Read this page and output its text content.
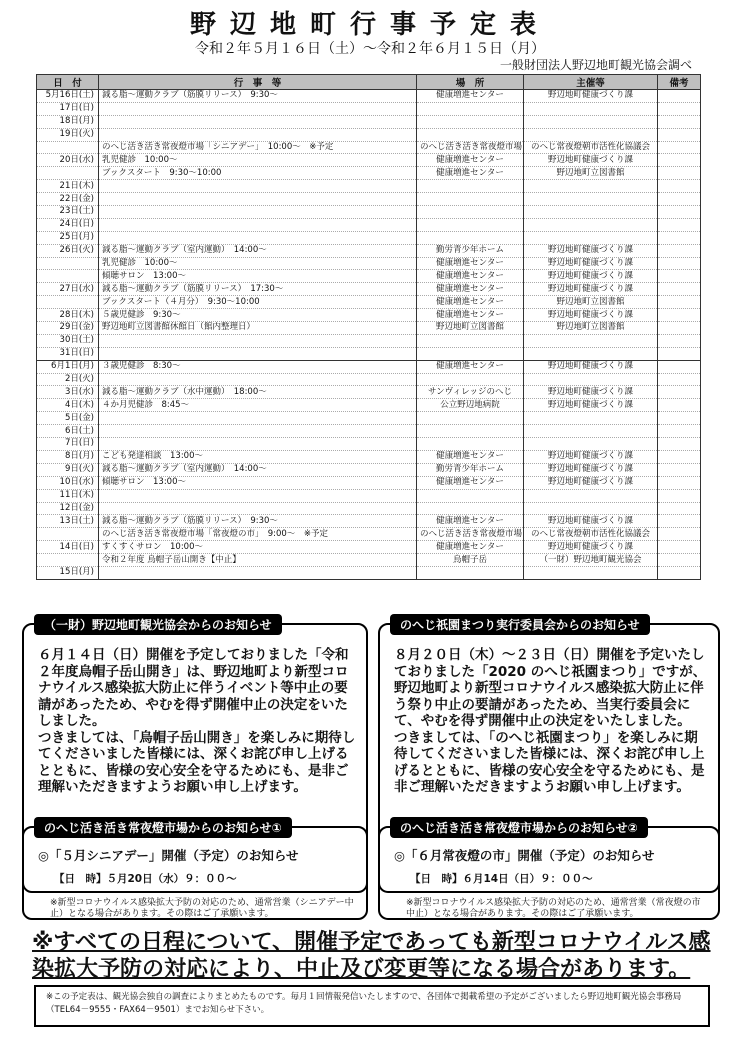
野辺地町行事予定表
令和２年５月１６日（土）～令和２年６月１５日（月）
一般財団法人野辺地町観光協会調べ
日　付	行　事　等	場　所	主催等	備考
5月16日(土)	減る脂～運動クラブ（筋膜リリース）　9:30～	健康増進センター	野辺地町健康づくり課	
17日(日)				
18日(月)				
19日(火)				
	のへじ活き活き常夜燈市場「シニアデー」　10:00～　※予定	のへじ活き活き常夜燈市場	のへじ常夜燈朝市活性化協議会	
20日(水)	乳児健診　10:00～	健康増進センター	野辺地町健康づくり課	
	ブックスタート　9:30～10:00	健康増進センター	野辺地町立図書館	
21日(木)				
22日(金)				
23日(土)				
24日(日)				
25日(月)				
26日(火)	減る脂～運動クラブ（室内運動）　14:00～	勤労青少年ホーム	野辺地町健康づくり課	
	乳児健診　10:00～	健康増進センター	野辺地町健康づくり課	
	傾聴サロン　13:00～	健康増進センター	野辺地町健康づくり課	
27日(水)	減る脂～運動クラブ（筋膜リリース）　17:30～	健康増進センター	野辺地町健康づくり課	
	ブックスタート（４月分）　9:30～10:00	健康増進センター	野辺地町立図書館	
28日(木)	５歳児健診　9:30～	健康増進センター	野辺地町健康づくり課	
29日(金)	野辺地町立図書館休館日（館内整理日）	野辺地町立図書館	野辺地町立図書館	
30日(土)				
31日(日)				
6月1日(月)	３歳児健診　8:30～	健康増進センター	野辺地町健康づくり課	
2日(火)				
3日(水)	減る脂～運動クラブ（水中運動）　18:00～	サンヴィレッジのへじ	野辺地町健康づくり課	
4日(木)	４か月児健診　8:45～	公立野辺地病院	野辺地町健康づくり課	
5日(金)				
6日(土)				
7日(日)				
8日(月)	こども発達相談　13:00～	健康増進センター	野辺地町健康づくり課	
9日(火)	減る脂～運動クラブ（室内運動）　14:00～	勤労青少年ホーム	野辺地町健康づくり課	
10日(水)	傾聴サロン　13:00～	健康増進センター	野辺地町健康づくり課	
11日(木)				
12日(金)				
13日(土)	減る脂～運動クラブ（筋膜リリース）　9:30～	健康増進センター	野辺地町健康づくり課	
	のへじ活き活き常夜燈市場「常夜燈の市」　9:00～　※予定	のへじ活き活き常夜燈市場	のへじ常夜燈朝市活性化協議会	
14日(日)	すくすくサロン　10:00～	健康増進センター	野辺地町健康づくり課	
	令和２年度 烏帽子岳山開き【中止】	烏帽子岳	（一財）野辺地町観光協会	
15日(月)				
（一財）野辺地町観光協会からのお知らせ
６月１４日（日）開催を予定しておりました「令和２年度烏帽子岳山開き」は、野辺地町より新型コロナウイルス感染拡大防止に伴うイベント等中止の要請があったため、やむを得ず開催中止の決定をいたしました。
つきましては、「烏帽子岳山開き」を楽しみに期待してくださいました皆様には、深くお詫び申し上げるとともに、皆様の安心安全を守るためにも、是非ご理解いただきますようお願い申し上げます。
のへじ祇園まつり実行委員会からのお知らせ
８月２０日（木）～２３日（日）開催を予定いたしておりました「2020 のへじ祇園まつり」ですが、野辺地町より新型コロナウイルス感染拡大防止に伴う祭り中止の要請があったため、当実行委員会にて、やむを得ず開催中止の決定をいたしました。
つきましては、「のへじ祇園まつり」を楽しみに期待してくださいました皆様には、深くお詫び申し上げるとともに、皆様の安心安全を守るためにも、是非ご理解いただきますようお願い申し上げます。
のへじ活き活き常夜燈市場からのお知らせ①
◎「５月シニアデー」開催（予定）のお知らせ
【日　時】５月20日（水）９：００～
※新型コロナウイルス感染拡大予防の対応のため、通常営業（シニアデー中止）となる場合があります。その際はご了承願います。
のへじ活き活き常夜燈市場からのお知らせ②
◎「６月常夜燈の市」開催（予定）のお知らせ
【日　時】６月14日（日）９：００～
※新型コロナウイルス感染拡大予防の対応のため、通常営業（常夜燈の市中止）となる場合があります。その際はご了承願います。

※すべての日程について、開催予定であっても新型コロナウイルス感染拡大予防の対応により、中止及び変更等になる場合があります。

※この予定表は、観光協会独自の調査によりまとめたものです。毎月１回情報発信いたしますので、各団体で掲載希望の予定がございましたら野辺地町観光協会事務局（TEL64－9555・FAX64－9501）までお知らせ下さい。
